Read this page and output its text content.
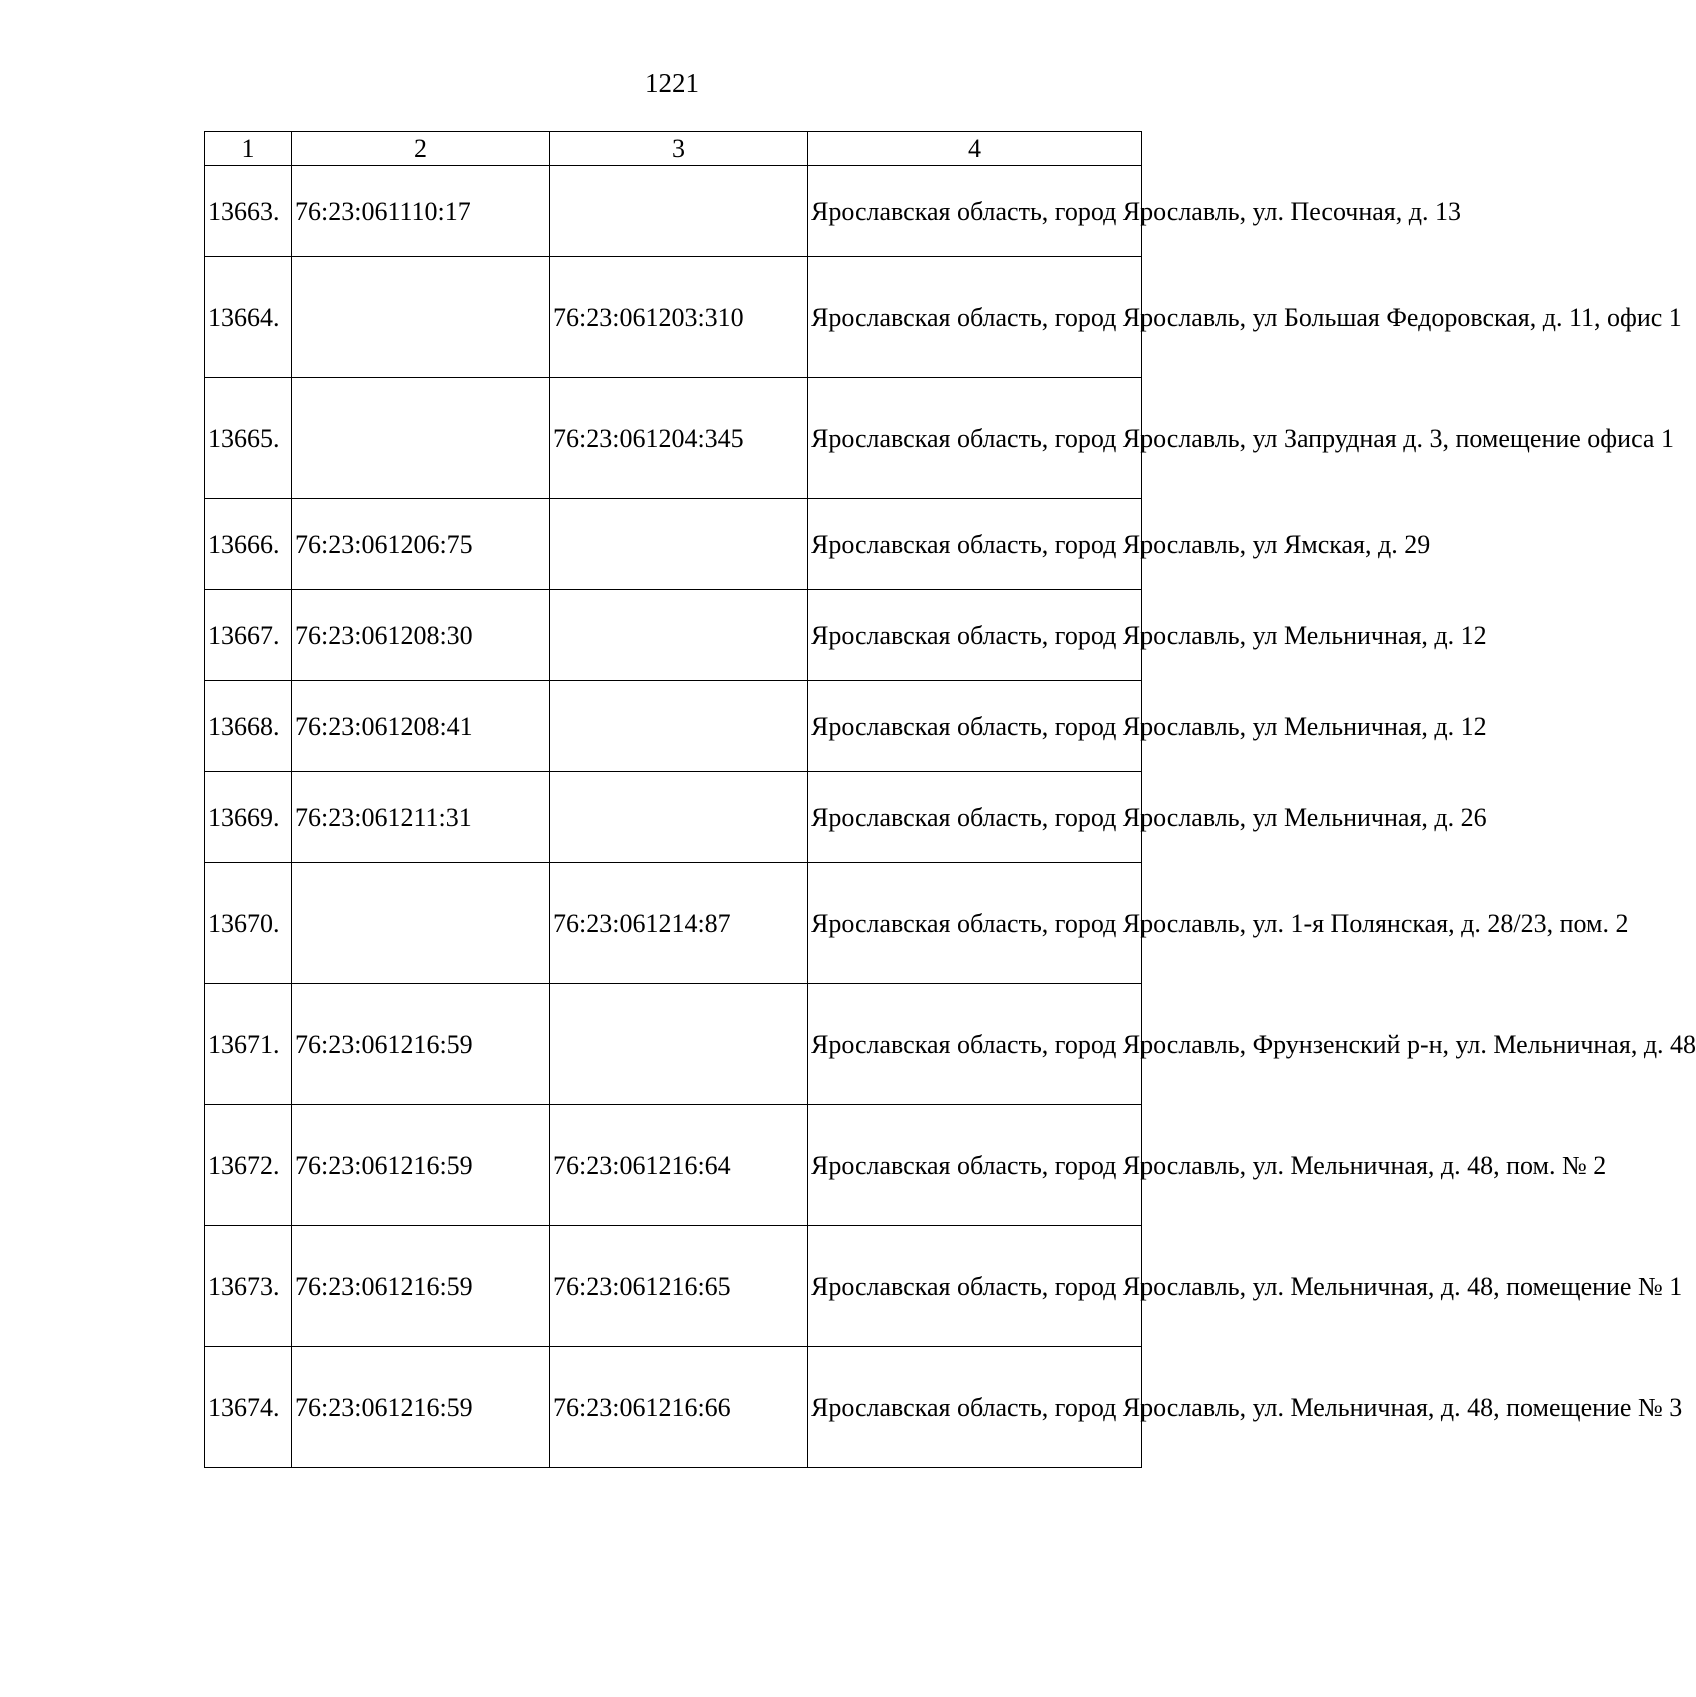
1221
1	2	3	4
13663.	76:23:061110:17		Ярославская область, город Ярославль, ул. Песочная, д. 13
13664.		76:23:061203:310	Ярославская область, город Ярославль, ул Большая Федоровская, д. 11, офис 1
13665.		76:23:061204:345	Ярославская область, город Ярославль, ул Запрудная д. 3, помещение офиса 1
13666.	76:23:061206:75		Ярославская область, город Ярославль, ул Ямская, д. 29
13667.	76:23:061208:30		Ярославская область, город Ярославль, ул Мельничная, д. 12
13668.	76:23:061208:41		Ярославская область, город Ярославль, ул Мельничная, д. 12
13669.	76:23:061211:31		Ярославская область, город Ярославль, ул Мельничная, д. 26
13670.		76:23:061214:87	Ярославская область, город Ярославль, ул. 1-я Полянская, д. 28/23, пом. 2
13671.	76:23:061216:59		Ярославская область, город Ярославль, Фрунзенский р-н, ул. Мельничная, д. 48
13672.	76:23:061216:59	76:23:061216:64	Ярославская область, город Ярославль, ул. Мельничная, д. 48, пом. № 2
13673.	76:23:061216:59	76:23:061216:65	Ярославская область, город Ярославль, ул. Мельничная, д. 48, помещение № 1
13674.	76:23:061216:59	76:23:061216:66	Ярославская область, город Ярославль, ул. Мельничная, д. 48, помещение № 3
